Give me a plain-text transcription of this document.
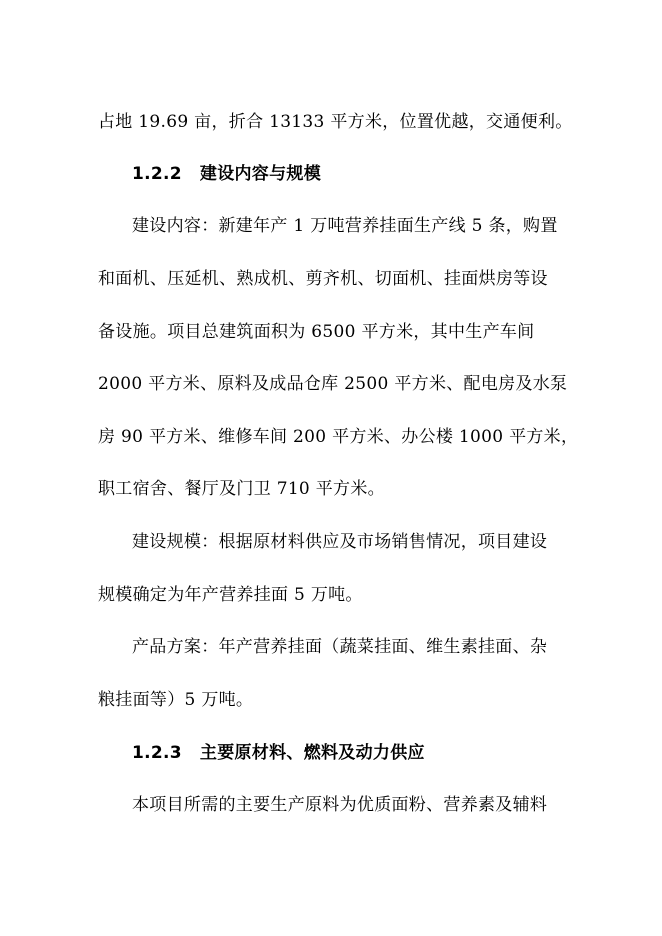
占地 19.69 亩，折合 13133 平方米，位置优越，交通便利。
1.2.2 建设内容与规模
建设内容：新建年产 1 万吨营养挂面生产线 5 条，购置
和面机、压延机、熟成机、剪齐机、切面机、挂面烘房等设
备设施。项目总建筑面积为 6500 平方米，其中生产车间
2000 平方米、原料及成品仓库 2500 平方米、配电房及水泵
房 90 平方米、维修车间 200 平方米、办公楼 1000 平方米，
职工宿舍、餐厅及门卫 710 平方米。
建设规模：根据原材料供应及市场销售情况，项目建设
规模确定为年产营养挂面 5 万吨。
产品方案：年产营养挂面（蔬菜挂面、维生素挂面、杂
粮挂面等）5 万吨。
1.2.3 主要原材料、燃料及动力供应
本项目所需的主要生产原料为优质面粉、营养素及辅料
